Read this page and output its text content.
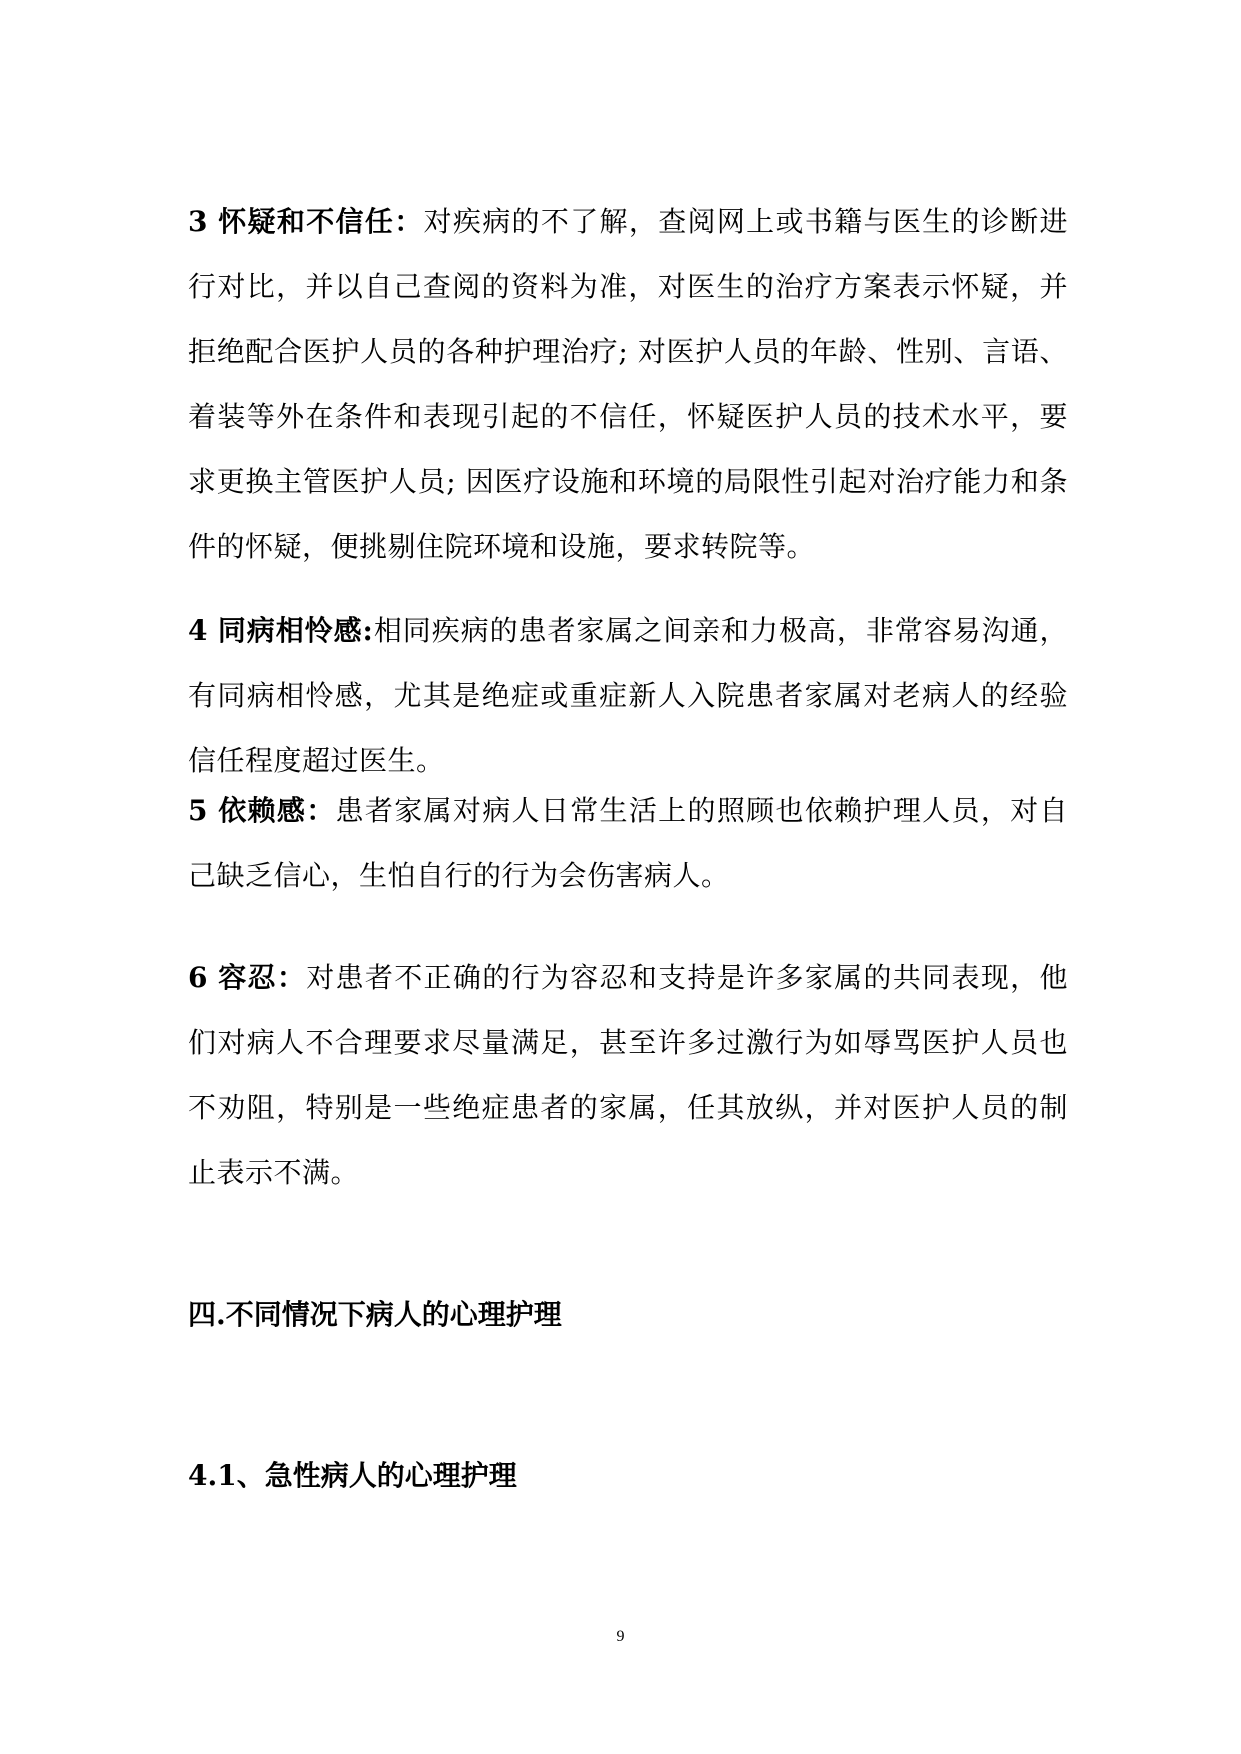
3 怀疑和不信任：对疾病的不了解，查阅网上或书籍与医生的诊断进行对比，并以自己查阅的资料为准，对医生的治疗方案表示怀疑，并拒绝配合医护人员的各种护理治疗; 对医护人员的年龄、性别、言语、着装等外在条件和表现引起的不信任，怀疑医护人员的技术水平，要求更换主管医护人员; 因医疗设施和环境的局限性引起对治疗能力和条件的怀疑，便挑剔住院环境和设施，要求转院等。
4 同病相怜感:相同疾病的患者家属之间亲和力极高，非常容易沟通，有同病相怜感，尤其是绝症或重症新人入院患者家属对老病人的经验信任程度超过医生。
5 依赖感：患者家属对病人日常生活上的照顾也依赖护理人员，对自己缺乏信心，生怕自行的行为会伤害病人。
6 容忍：对患者不正确的行为容忍和支持是许多家属的共同表现，他们对病人不合理要求尽量满足，甚至许多过激行为如辱骂医护人员也不劝阻，特别是一些绝症患者的家属，任其放纵，并对医护人员的制止表示不满。
四.不同情况下病人的心理护理
4.1、急性病人的心理护理
9
